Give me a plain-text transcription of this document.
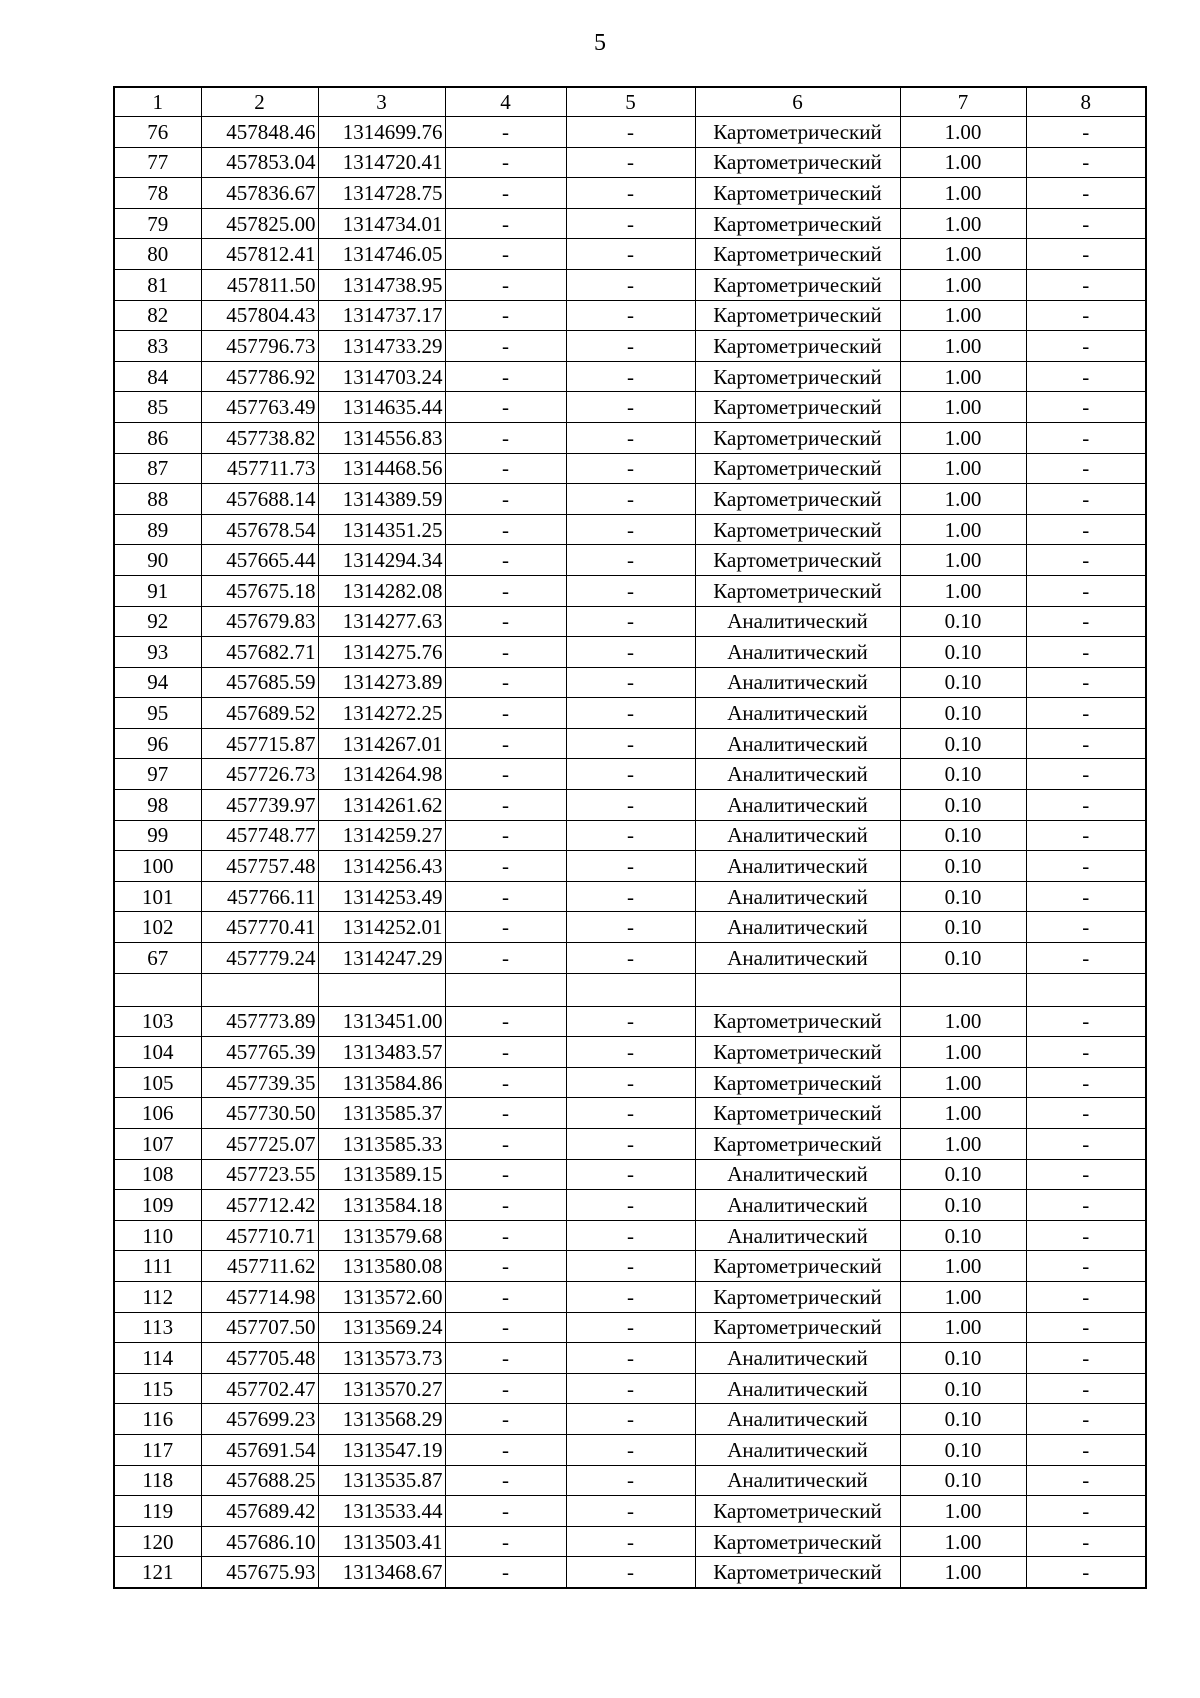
5
1	2	3	4	5	6	7	8
76	457848.46	1314699.76	-	-	Картометрический	1.00	-
77	457853.04	1314720.41	-	-	Картометрический	1.00	-
78	457836.67	1314728.75	-	-	Картометрический	1.00	-
79	457825.00	1314734.01	-	-	Картометрический	1.00	-
80	457812.41	1314746.05	-	-	Картометрический	1.00	-
81	457811.50	1314738.95	-	-	Картометрический	1.00	-
82	457804.43	1314737.17	-	-	Картометрический	1.00	-
83	457796.73	1314733.29	-	-	Картометрический	1.00	-
84	457786.92	1314703.24	-	-	Картометрический	1.00	-
85	457763.49	1314635.44	-	-	Картометрический	1.00	-
86	457738.82	1314556.83	-	-	Картометрический	1.00	-
87	457711.73	1314468.56	-	-	Картометрический	1.00	-
88	457688.14	1314389.59	-	-	Картометрический	1.00	-
89	457678.54	1314351.25	-	-	Картометрический	1.00	-
90	457665.44	1314294.34	-	-	Картометрический	1.00	-
91	457675.18	1314282.08	-	-	Картометрический	1.00	-
92	457679.83	1314277.63	-	-	Аналитический	0.10	-
93	457682.71	1314275.76	-	-	Аналитический	0.10	-
94	457685.59	1314273.89	-	-	Аналитический	0.10	-
95	457689.52	1314272.25	-	-	Аналитический	0.10	-
96	457715.87	1314267.01	-	-	Аналитический	0.10	-
97	457726.73	1314264.98	-	-	Аналитический	0.10	-
98	457739.97	1314261.62	-	-	Аналитический	0.10	-
99	457748.77	1314259.27	-	-	Аналитический	0.10	-
100	457757.48	1314256.43	-	-	Аналитический	0.10	-
101	457766.11	1314253.49	-	-	Аналитический	0.10	-
102	457770.41	1314252.01	-	-	Аналитический	0.10	-
67	457779.24	1314247.29	-	-	Аналитический	0.10	-

103	457773.89	1313451.00	-	-	Картометрический	1.00	-
104	457765.39	1313483.57	-	-	Картометрический	1.00	-
105	457739.35	1313584.86	-	-	Картометрический	1.00	-
106	457730.50	1313585.37	-	-	Картометрический	1.00	-
107	457725.07	1313585.33	-	-	Картометрический	1.00	-
108	457723.55	1313589.15	-	-	Аналитический	0.10	-
109	457712.42	1313584.18	-	-	Аналитический	0.10	-
110	457710.71	1313579.68	-	-	Аналитический	0.10	-
111	457711.62	1313580.08	-	-	Картометрический	1.00	-
112	457714.98	1313572.60	-	-	Картометрический	1.00	-
113	457707.50	1313569.24	-	-	Картометрический	1.00	-
114	457705.48	1313573.73	-	-	Аналитический	0.10	-
115	457702.47	1313570.27	-	-	Аналитический	0.10	-
116	457699.23	1313568.29	-	-	Аналитический	0.10	-
117	457691.54	1313547.19	-	-	Аналитический	0.10	-
118	457688.25	1313535.87	-	-	Аналитический	0.10	-
119	457689.42	1313533.44	-	-	Картометрический	1.00	-
120	457686.10	1313503.41	-	-	Картометрический	1.00	-
121	457675.93	1313468.67	-	-	Картометрический	1.00	-
